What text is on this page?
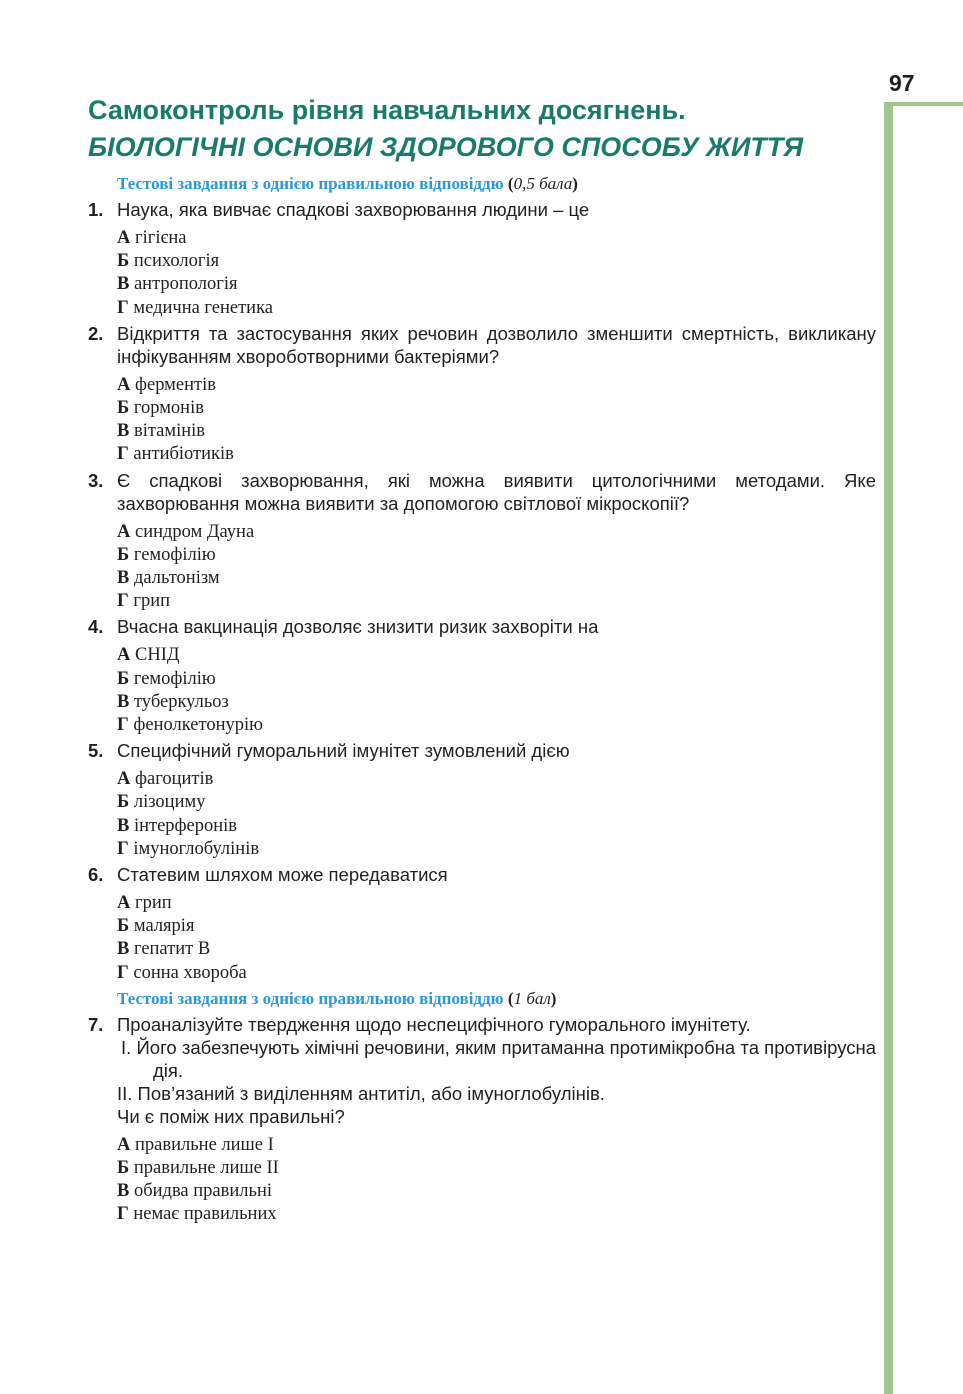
97
Самоконтроль рівня навчальних досягнень.
БІОЛОГІЧНІ ОСНОВИ ЗДОРОВОГО СПОСОБУ ЖИТТЯ
Тестові завдання з однією правильною відповіддю (0,5 бала)
1. Наука, яка вивчає спадкові захворювання людини – це
А гігієна
Б психологія
В антропологія
Г медична генетика
2. Відкриття та застосування яких речовин дозволило зменшити смертність, викликану інфікуванням хвороботворними бактеріями?
А ферментів
Б гормонів
В вітамінів
Г антибіотиків
3. Є спадкові захворювання, які можна виявити цитологічними методами. Яке захворювання можна виявити за допомогою світлової мікроскопії?
А синдром Дауна
Б гемофілію
В дальтонізм
Г грип
4. Вчасна вакцинація дозволяє знизити ризик захворіти на
А СНІД
Б гемофілію
В туберкульоз
Г фенолкетонурію
5. Специфічний гуморальний імунітет зумовлений дією
А фагоцитів
Б лізоциму
В інтерферонів
Г імуноглобулінів
6. Статевим шляхом може передаватися
А грип
Б малярія
В гепатит B
Г сонна хвороба
Тестові завдання з однією правильною відповіддю (1 бал)
7. Проаналізуйте твердження щодо неспецифічного гуморального імунітету.
І. Його забезпечують хімічні речовини, яким притаманна протимікробна та противірусна дія.
ІІ. Пов’язаний з виділенням антитіл, або імуноглобулінів.
Чи є поміж них правильні?
А правильне лише І
Б правильне лише ІІ
В обидва правильні
Г немає правильних
